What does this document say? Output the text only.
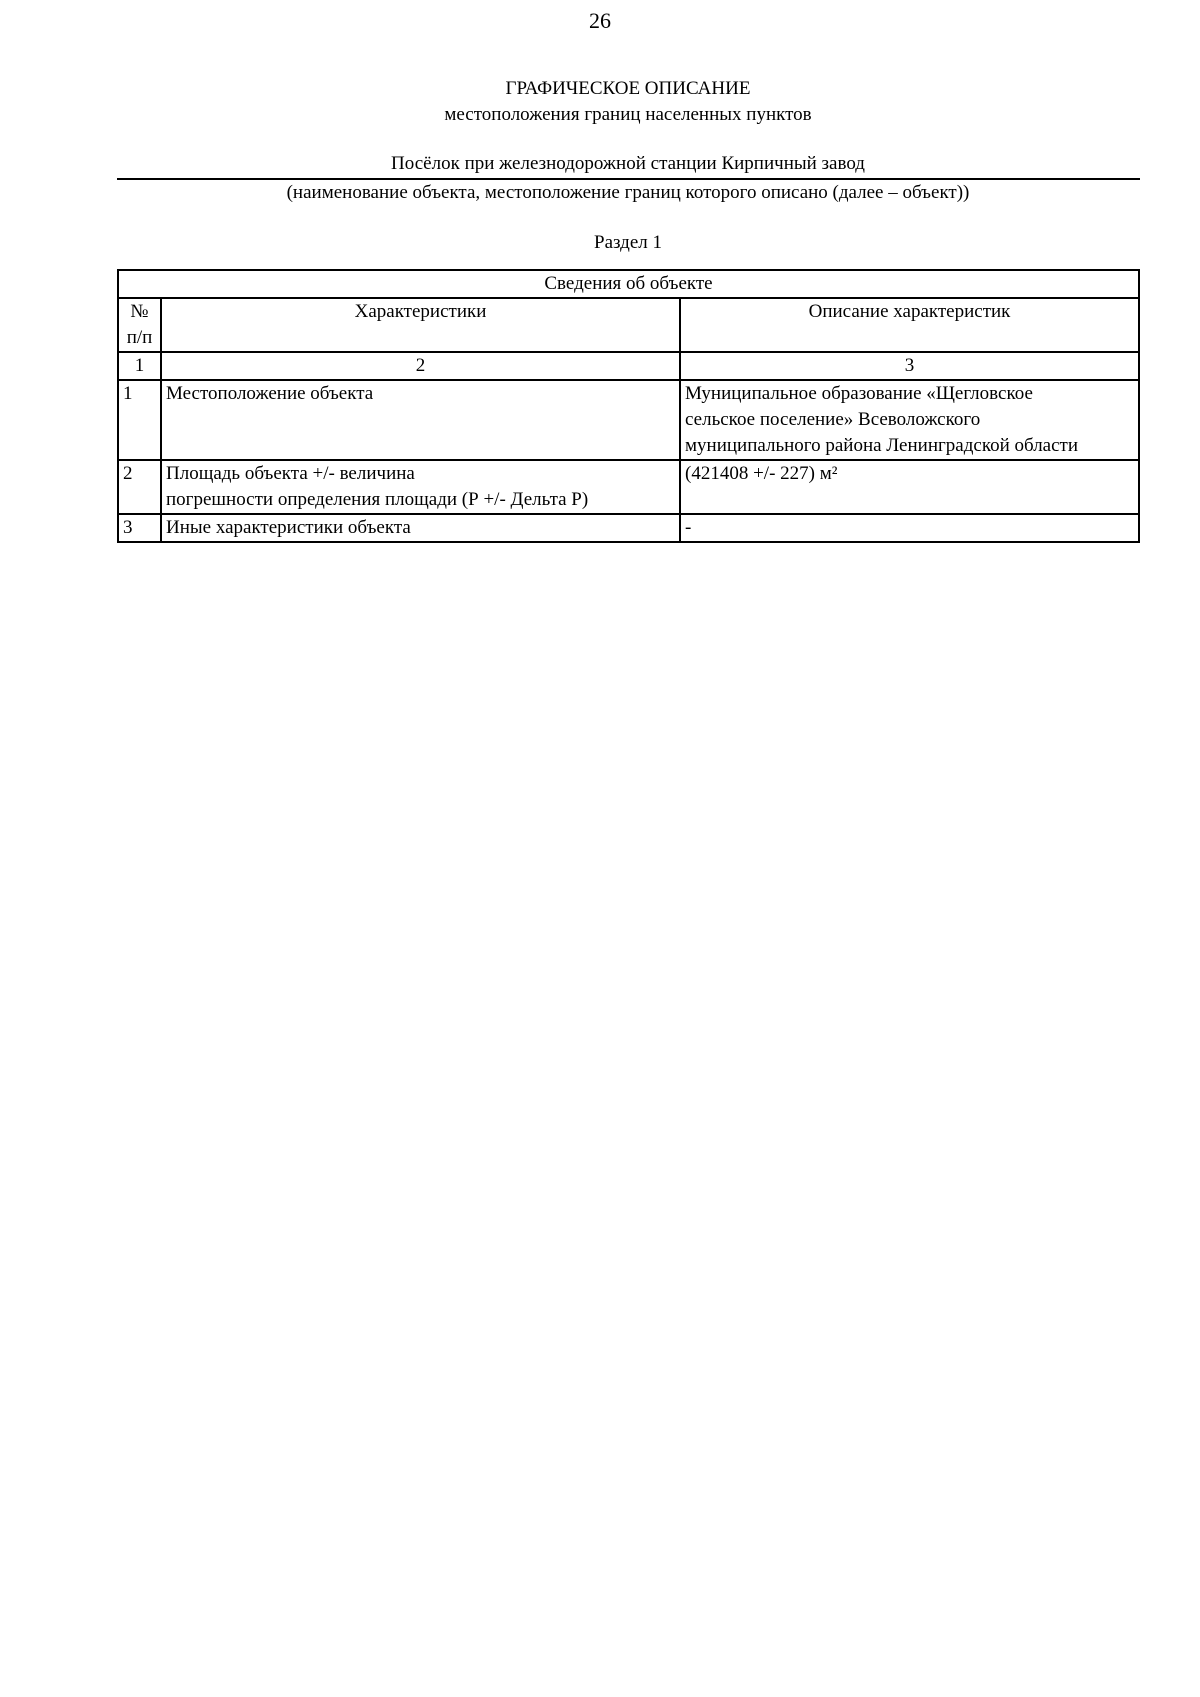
26
ГРАФИЧЕСКОЕ ОПИСАНИЕ
местоположения границ населенных пунктов
Посёлок при железнодорожной станции Кирпичный завод
(наименование объекта, местоположение границ которого описано (далее – объект))
Раздел 1
Сведения об объекте		

№
п/п	Характеристики	Описание характеристик
1	2	3
1	Местоположение объекта	Муниципальное образование «Щегловское
сельское поселение» Всеволожского
муниципального района Ленинградской области

2	Площадь объекта +/- величина
погрешности определения площади (Р +/- Дельта Р)	(421408 +/- 227) м²

3	Иные характеристики объекта	-
